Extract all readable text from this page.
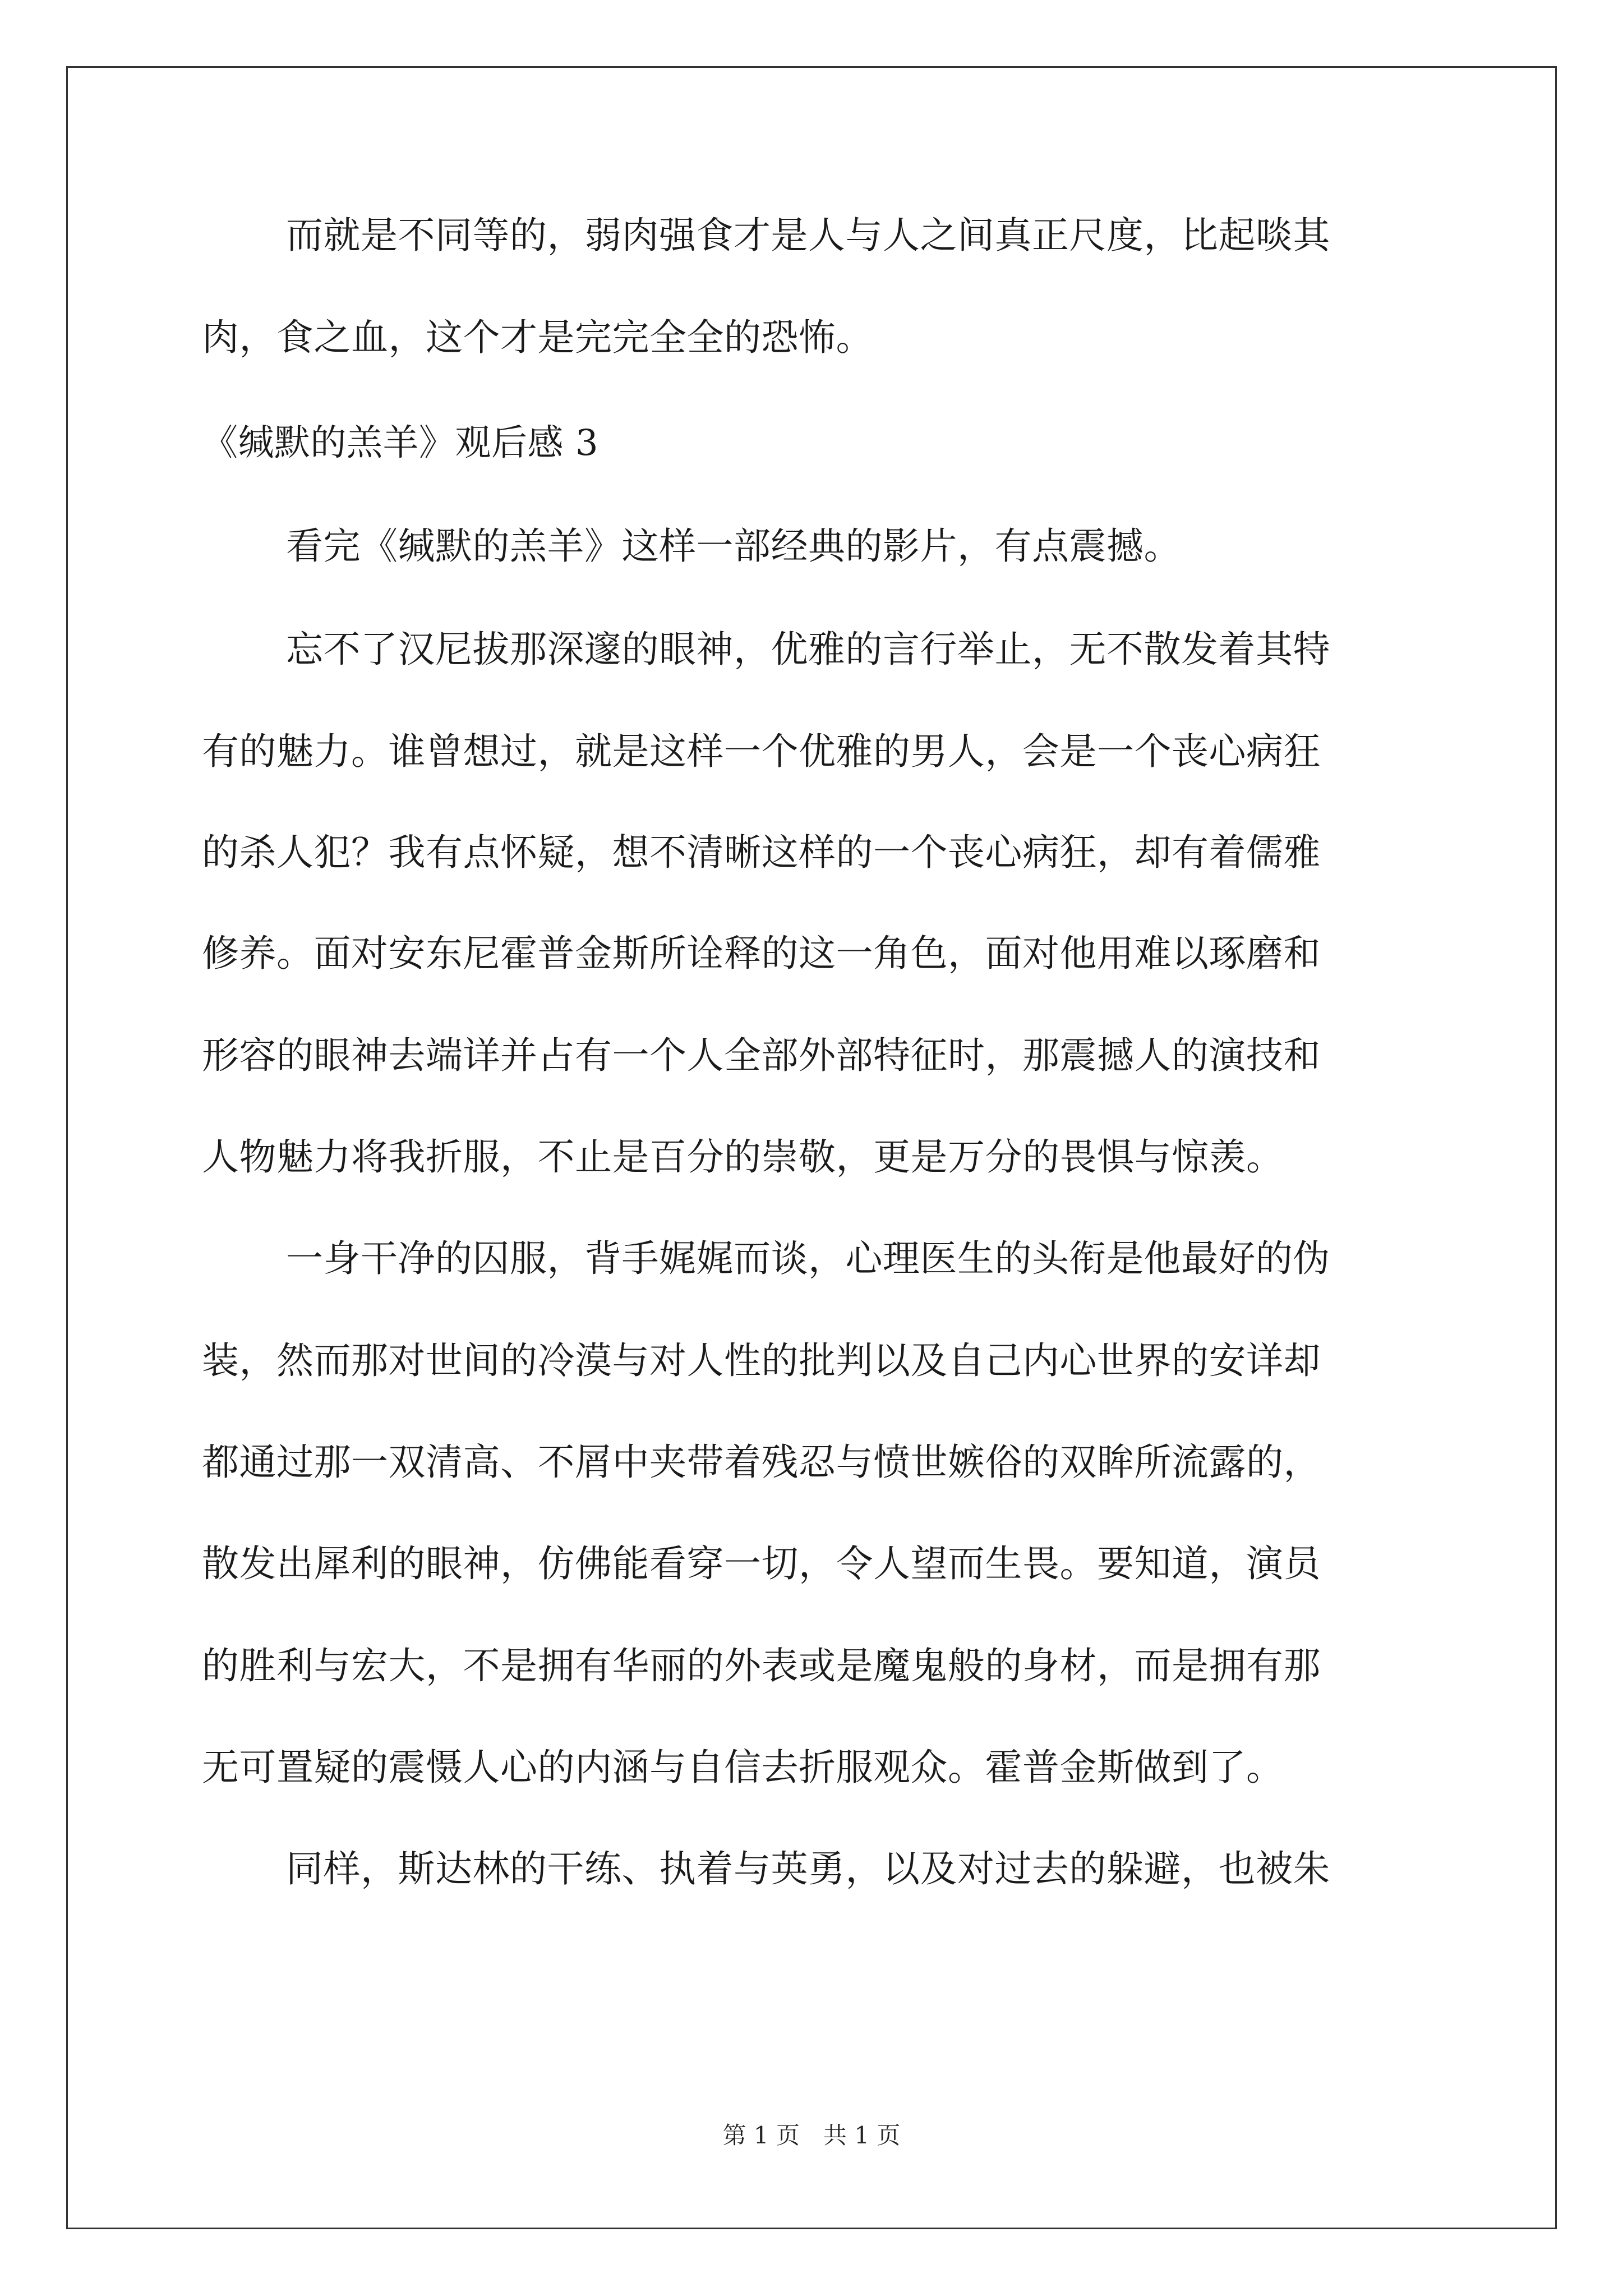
而就是不同等的，弱肉强食才是人与人之间真正尺度，比起啖其
肉，食之血，这个才是完完全全的恐怖。
《缄默的羔羊》观后感 3
看完《缄默的羔羊》这样一部经典的影片，有点震撼。
忘不了汉尼拔那深邃的眼神，优雅的言行举止，无不散发着其特
有的魅力。谁曾想过，就是这样一个优雅的男人，会是一个丧心病狂
的杀人犯？我有点怀疑，想不清晰这样的一个丧心病狂，却有着儒雅
修养。面对安东尼霍普金斯所诠释的这一角色，面对他用难以琢磨和
形容的眼神去端详并占有一个人全部外部特征时，那震撼人的演技和
人物魅力将我折服，不止是百分的崇敬，更是万分的畏惧与惊羡。
一身干净的囚服，背手娓娓而谈，心理医生的头衔是他最好的伪
装，然而那对世间的冷漠与对人性的批判以及自己内心世界的安详却
都通过那一双清高、不屑中夹带着残忍与愤世嫉俗的双眸所流露的，
散发出犀利的眼神，仿佛能看穿一切，令人望而生畏。要知道，演员
的胜利与宏大，不是拥有华丽的外表或是魔鬼般的身材，而是拥有那
无可置疑的震慑人心的内涵与自信去折服观众。霍普金斯做到了。
同样，斯达林的干练、执着与英勇，以及对过去的躲避，也被朱
第 1 页　共 1 页
